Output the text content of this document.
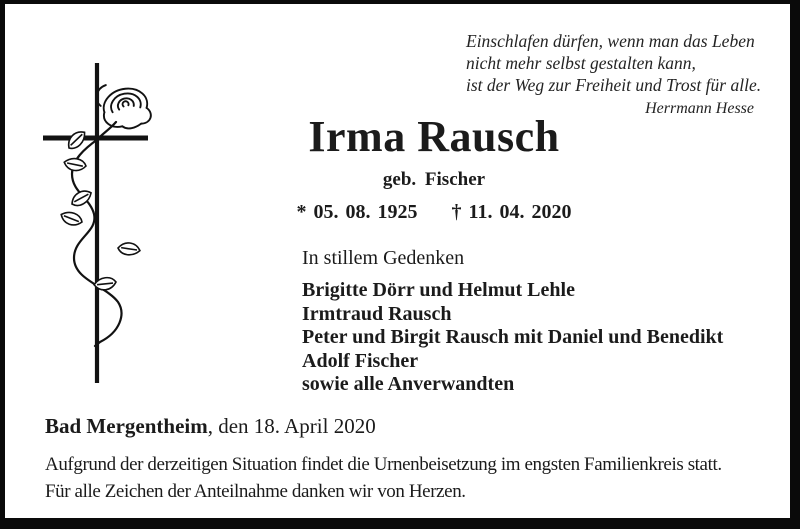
Einschlafen dürfen, wenn man das Leben
nicht mehr selbst gestalten kann,
ist der Weg zur Freiheit und Trost für alle.
Herrmann Hesse
Irma Rausch
geb. Fischer
* 05. 08. 1925 † 11. 04. 2020
In stillem Gedenken
Brigitte Dörr und Helmut Lehle
Irmtraud Rausch
Peter und Birgit Rausch mit Daniel und Benedikt
Adolf Fischer
sowie alle Anverwandten
Bad Mergentheim, den 18. April 2020
Aufgrund der derzeitigen Situation findet die Urnenbeisetzung im engsten Familienkreis statt.
Für alle Zeichen der Anteilnahme danken wir von Herzen.
